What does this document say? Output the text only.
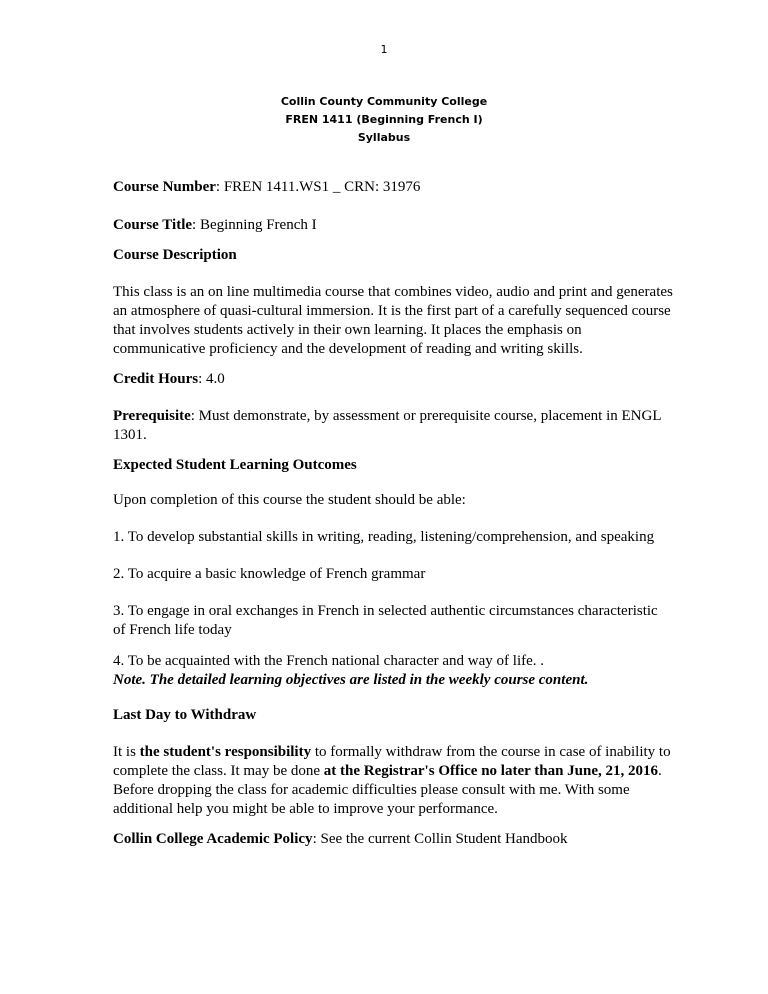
1
Collin County Community College
FREN 1411 (Beginning French I)
Syllabus

Course Number: FREN 1411.WS1 _ CRN: 31976

Course Title: Beginning French I

Course Description

This class is an on line multimedia course that combines video, audio and print and generates an atmosphere of quasi-cultural immersion. It is the first part of a carefully sequenced course that involves students actively in their own learning. It places the emphasis on communicative proficiency and the development of reading and writing skills.

Credit Hours: 4.0

Prerequisite: Must demonstrate, by assessment or prerequisite course, placement in ENGL 1301.

Expected Student Learning Outcomes

Upon completion of this course the student should be able:

1. To develop substantial skills in writing, reading, listening/comprehension, and speaking

2. To acquire a basic knowledge of French grammar

3. To engage in oral exchanges in French in selected authentic circumstances characteristic of French life today

4. To be acquainted with the French national character and way of life. .

Note. The detailed learning objectives are listed in the weekly course content.

Last Day to Withdraw

It is the student's responsibility to formally withdraw from the course in case of inability to complete the class. It may be done at the Registrar's Office no later than June, 21, 2016. Before dropping the class for academic difficulties please consult with me. With some additional help you might be able to improve your performance.

Collin College Academic Policy: See the current Collin Student Handbook
